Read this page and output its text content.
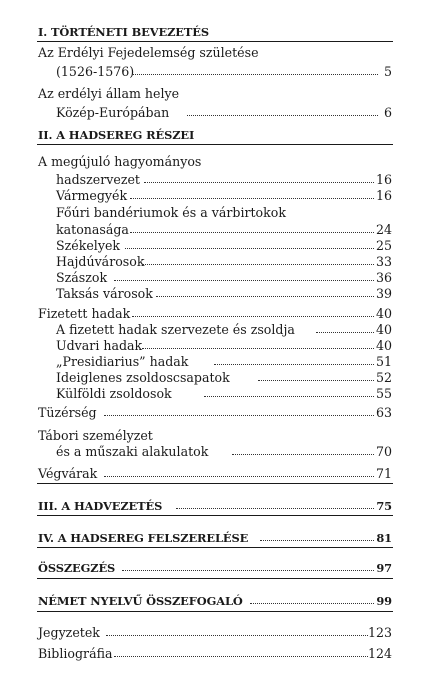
I. TÖRTÉNETI BEVEZETÉS
Az Erdélyi Fejedelemség születése
(1526-1576)	5
Az erdélyi állam helye
Közép-Európában	6
II. A HADSEREG RÉSZEI
A megújuló hagyományos
hadszervezet	16
Vármegyék	16
Főúri bandériumok és a várbirtokok
katonasága	24
Székelyek	25
Hajdúvárosok	33
Szászok	36
Taksás városok	39
Fizetett hadak	40
A fizetett hadak szervezete és zsoldja	40
Udvari hadak	40
„Presidiarius” hadak	51
Ideiglenes zsoldoscsapatok	52
Külföldi zsoldosok	55
Tüzérség	63
Tábori személyzet
és a műszaki alakulatok	70
Végvárak	71
III. A HADVEZETÉS	75
IV. A HADSEREG FELSZERELÉSE	81
ÖSSZEGZÉS	97
NÉMET NYELVŰ ÖSSZEFOGALÓ	99
Jegyzetek	123
Bibliográfia	124
